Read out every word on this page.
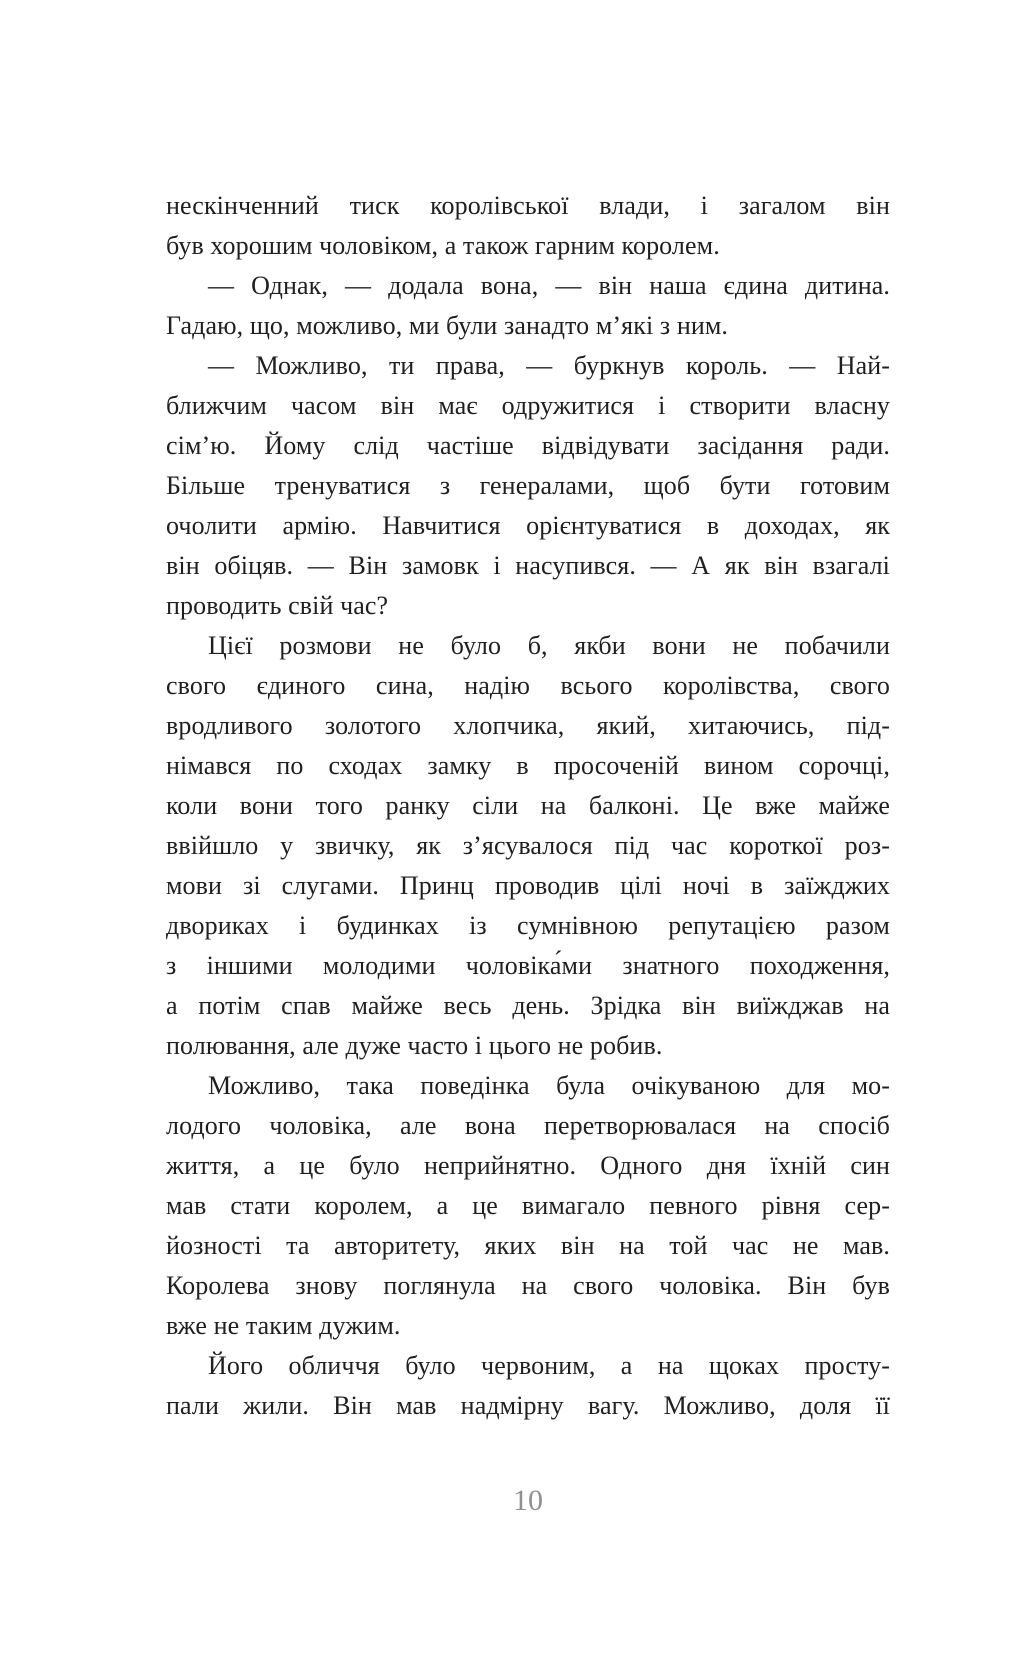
нескінченний тиск королівської влади, і загалом він
був хорошим чоловіком, а також гарним королем.
— Однак, — додала вона, — він наша єдина дитина.
Гадаю, що, можливо, ми були занадто м’які з ним.
— Можливо, ти права, — буркнув король. — Най-
ближчим часом він має одружитися і створити власну
сім’ю. Йому слід частіше відвідувати засідання ради.
Більше тренуватися з генералами, щоб бути готовим
очолити армію. Навчитися орієнтуватися в доходах, як
він обіцяв. — Він замовк і насупився. — А як він взагалі
проводить свій час?
Цієї розмови не було б, якби вони не побачили
свого єдиного сина, надію всього королівства, свого
вродливого золотого хлопчика, який, хитаючись, під-
німався по сходах замку в просоченій вином сорочці,
коли вони того ранку сіли на балконі. Це вже майже
ввійшло у звичку, як з’ясувалося під час короткої роз-
мови зі слугами. Принц проводив цілі ночі в заїжджих
двориках і будинках із сумнівною репутацією разом
з іншими молодими чоловіка́ми знатного походження,
а потім спав майже весь день. Зрідка він виїжджав на
полювання, але дуже часто і цього не робив.
Можливо, така поведінка була очікуваною для мо-
лодого чоловіка, але вона перетворювалася на спосіб
життя, а це було неприйнятно. Одного дня їхній син
мав стати королем, а це вимагало певного рівня сер-
йозності та авторитету, яких він на той час не мав.
Королева знову поглянула на свого чоловіка. Він був
вже не таким дужим.
Його обличчя було червоним, а на щоках просту-
пали жили. Він мав надмірну вагу. Можливо, доля її
10
